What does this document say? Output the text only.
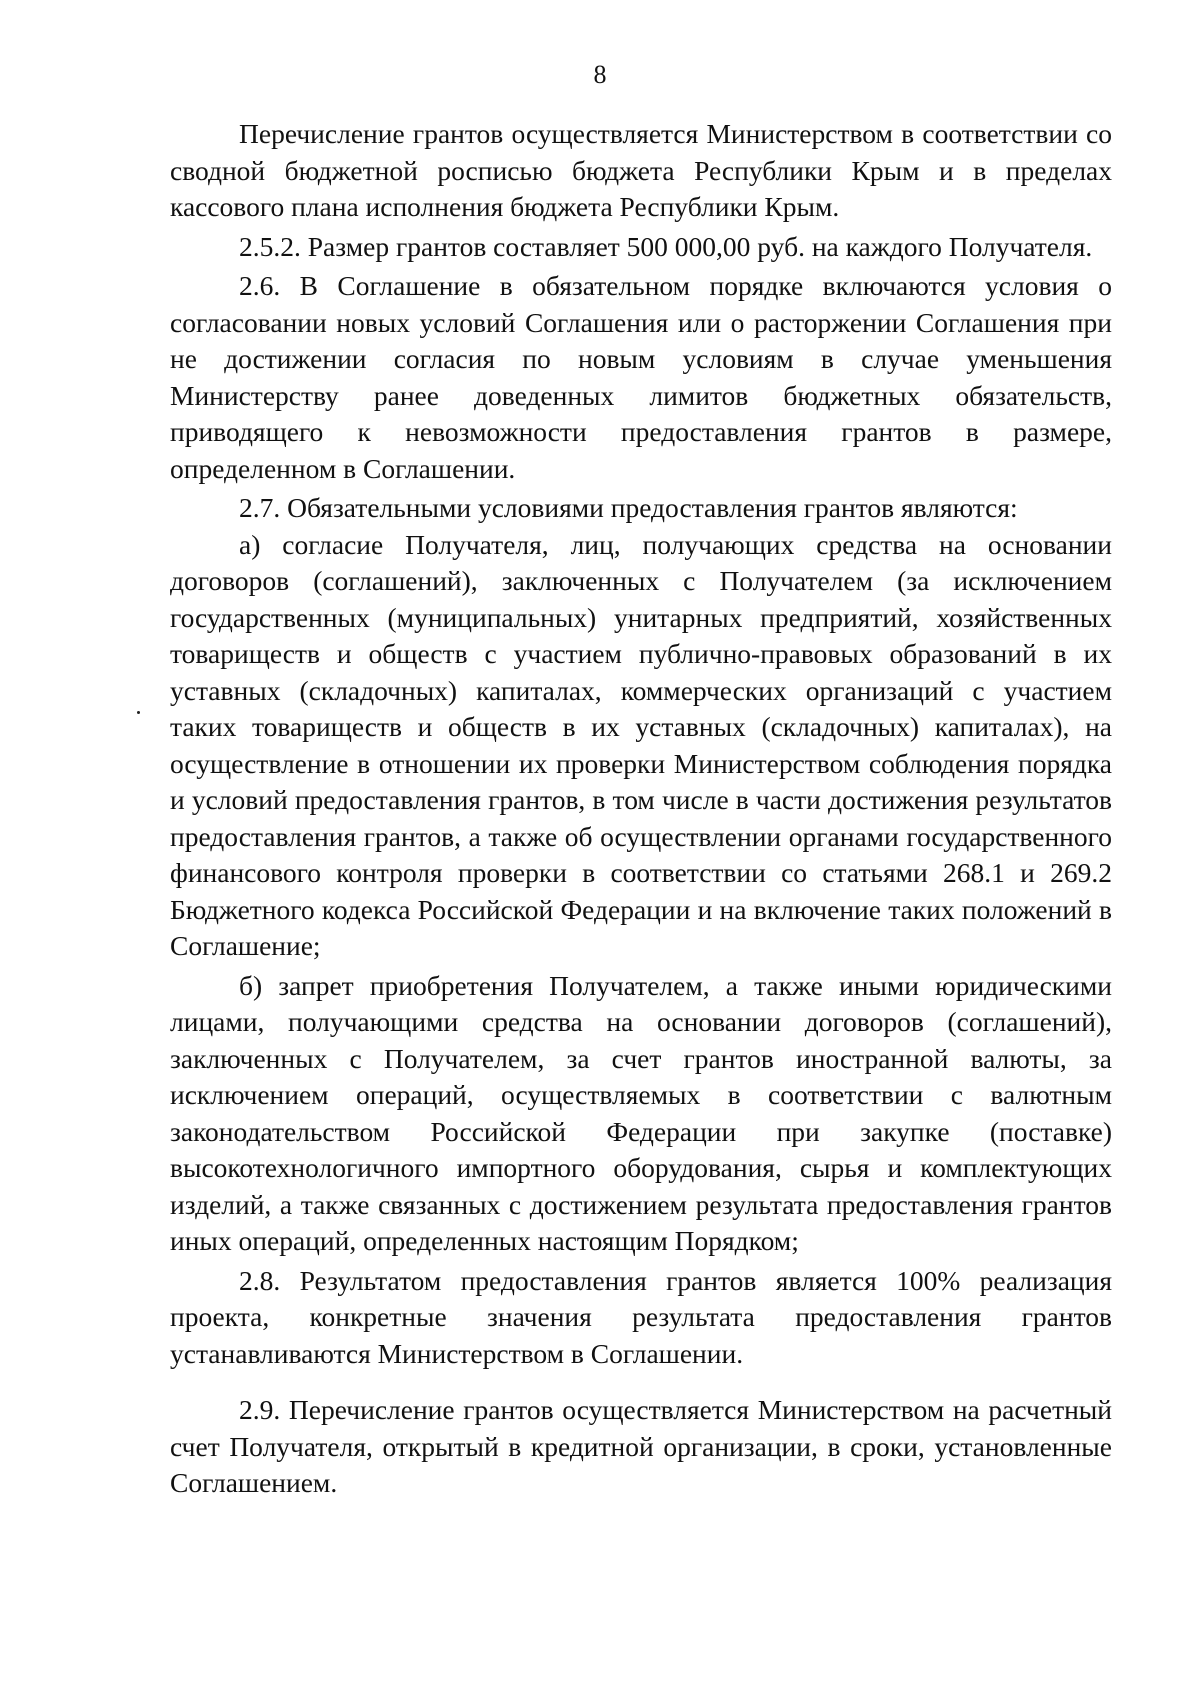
8

Перечисление грантов осуществляется Министерством в соответствии со сводной бюджетной росписью бюджета Республики Крым и в пределах кассового плана исполнения бюджета Республики Крым.

2.5.2. Размер грантов составляет 500 000,00 руб. на каждого Получателя.

2.6. В Соглашение в обязательном порядке включаются условия о согласовании новых условий Соглашения или о расторжении Соглашения при не достижении согласия по новым условиям в случае уменьшения Министерству ранее доведенных лимитов бюджетных обязательств, приводящего к невозможности предоставления грантов в размере, определенном в Соглашении.

2.7. Обязательными условиями предоставления грантов являются:

а) согласие Получателя, лиц, получающих средства на основании договоров (соглашений), заключенных с Получателем (за исключением государственных (муниципальных) унитарных предприятий, хозяйственных товариществ и обществ с участием публично-правовых образований в их уставных (складочных) капиталах, коммерческих организаций с участием таких товариществ и обществ в их уставных (складочных) капиталах), на осуществление в отношении их проверки Министерством соблюдения порядка и условий предоставления грантов, в том числе в части достижения результатов предоставления грантов, а также об осуществлении органами государственного финансового контроля проверки в соответствии со статьями 268.1 и 269.2 Бюджетного кодекса Российской Федерации и на включение таких положений в Соглашение;

б) запрет приобретения Получателем, а также иными юридическими лицами, получающими средства на основании договоров (соглашений), заключенных с Получателем, за счет грантов иностранной валюты, за исключением операций, осуществляемых в соответствии с валютным законодательством Российской Федерации при закупке (поставке) высокотехнологичного импортного оборудования, сырья и комплектующих изделий, а также связанных с достижением результата предоставления грантов иных операций, определенных настоящим Порядком;

2.8. Результатом предоставления грантов является 100% реализация проекта, конкретные значения результата предоставления грантов устанавливаются Министерством в Соглашении.

2.9. Перечисление грантов осуществляется Министерством на расчетный счет Получателя, открытый в кредитной организации, в сроки, установленные Соглашением.
